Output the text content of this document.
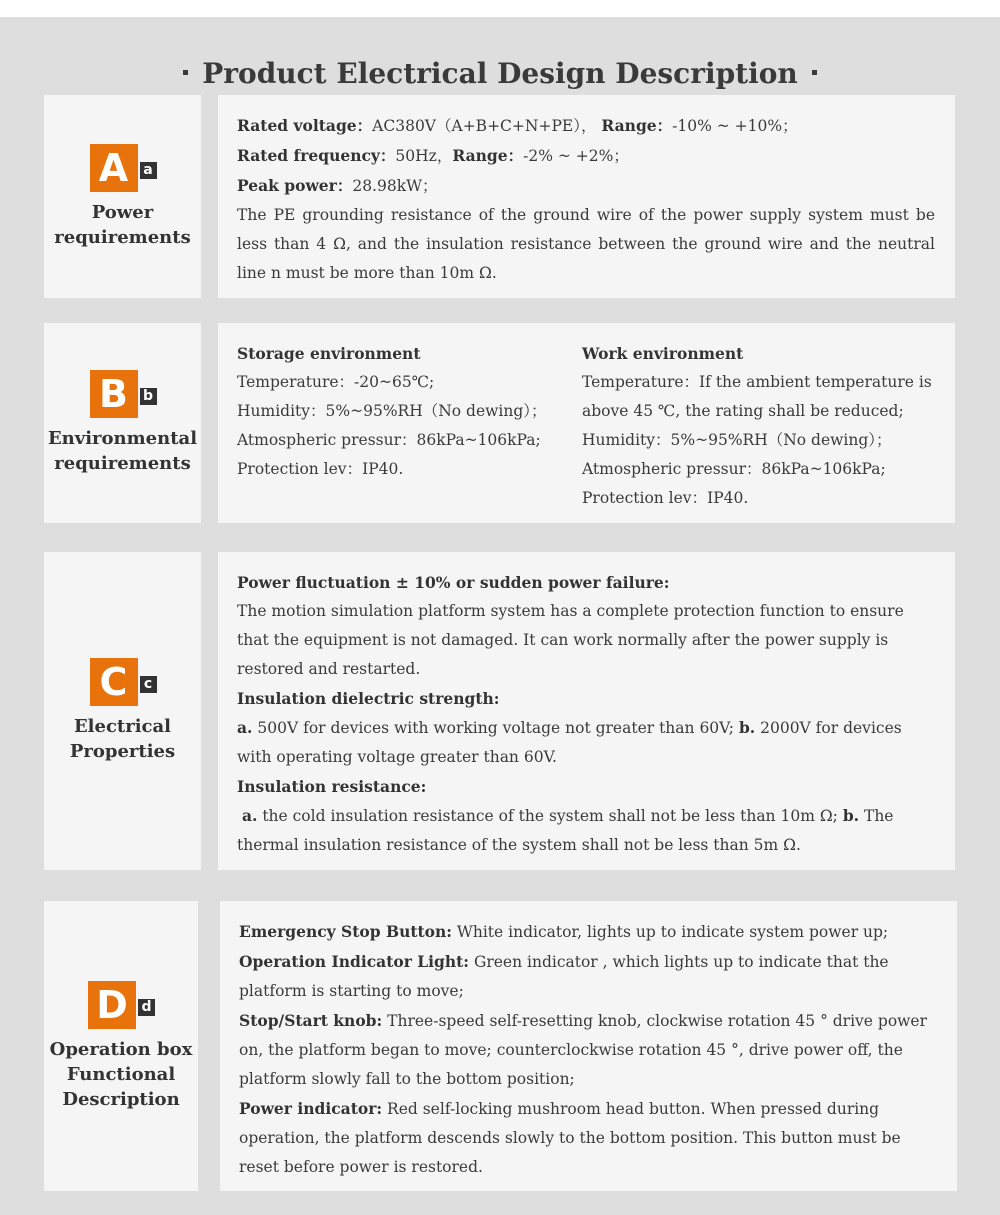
Product Electrical Design Description
A	a
Power
requirements

Rated voltage：AC380V（A+B+C+N+PE）， Range：-10% ~ +10%；

Rated frequency：50Hz，Range：-2% ~ +2%；

Peak power：28.98kW；

The PE grounding resistance of the ground wire of the power supply system must be less than 4 Ω, and the insulation resistance between the ground wire and the neutral line n must be more than 10m Ω.

B	b
Environmental
requirements

Storage environment

Temperature：-20~65℃;

Humidity：5%~95%RH（No dewing）；

Atmospheric pressur：86kPa~106kPa;

Protection lev：IP40.

Work environment

Temperature：If the ambient temperature is

above 45 ℃, the rating shall be reduced;

Humidity：5%~95%RH（No dewing）；

Atmospheric pressur：86kPa~106kPa;

Protection lev：IP40.

C	c
Electrical
Properties

Power fluctuation ± 10% or sudden power failure:

The motion simulation platform system has a complete protection function to ensure that the equipment is not damaged. It can work normally after the power supply is restored and restarted.

Insulation dielectric strength:

a. 500V for devices with working voltage not greater than 60V; b. 2000V for devices with operating voltage greater than 60V.

Insulation resistance:

a. the cold insulation resistance of the system shall not be less than 10m Ω; b. The thermal insulation resistance of the system shall not be less than 5m Ω.

D d
Operation box
Functional
Description

Emergency Stop Button: White indicator, lights up to indicate system power up;

Operation Indicator Light: Green indicator , which lights up to indicate that the platform is starting to move;

Stop/Start knob: Three-speed self-resetting knob, clockwise rotation 45 ° drive power on, the platform began to move; counterclockwise rotation 45 °, drive power off, the platform slowly fall to the bottom position;

Power indicator: Red self-locking mushroom head button. When pressed during operation, the platform descends slowly to the bottom position. This button must be reset before power is restored.
